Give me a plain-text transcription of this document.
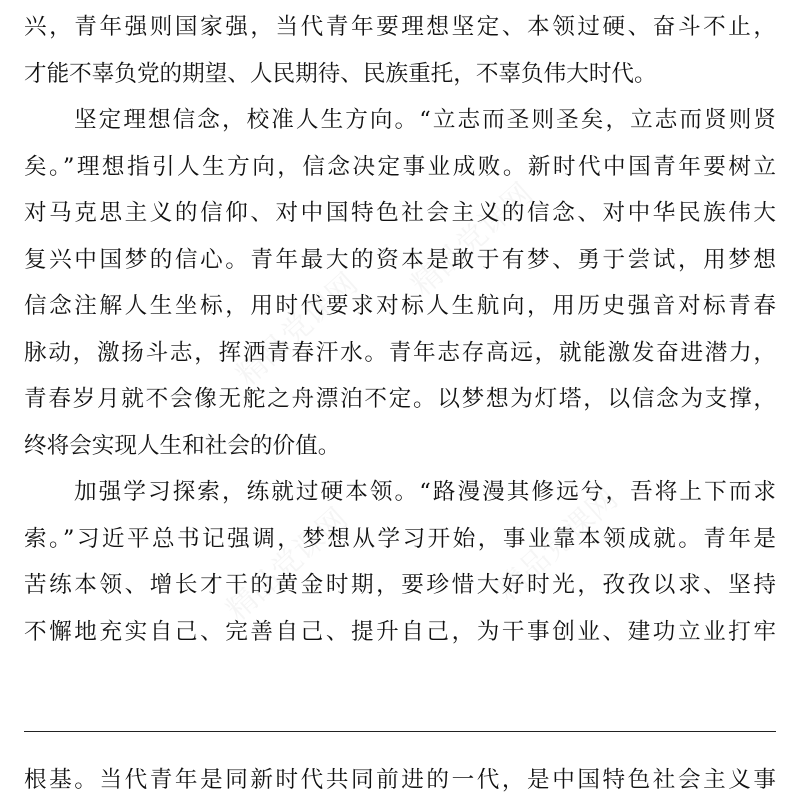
精品党课网
精品党课网
精品党课网
精品党课网
兴，青年强则国家强，当代青年要理想坚定、本领过硬、奋斗不止，
才能不辜负党的期望、人民期待、民族重托，不辜负伟大时代。
坚定理想信念，校准人生方向。“立志而圣则圣矣，立志而贤则贤
矣。”理想指引人生方向，信念决定事业成败。新时代中国青年要树立
对马克思主义的信仰、对中国特色社会主义的信念、对中华民族伟大
复兴中国梦的信心。青年最大的资本是敢于有梦、勇于尝试，用梦想
信念注解人生坐标，用时代要求对标人生航向，用历史强音对标青春
脉动，激扬斗志，挥洒青春汗水。青年志存高远，就能激发奋进潜力，
青春岁月就不会像无舵之舟漂泊不定。以梦想为灯塔，以信念为支撑，
终将会实现人生和社会的价值。
加强学习探索，练就过硬本领。“路漫漫其修远兮，吾将上下而求
索。”习近平总书记强调，梦想从学习开始，事业靠本领成就。青年是
苦练本领、增长才干的黄金时期，要珍惜大好时光，孜孜以求、坚持
不懈地充实自己、完善自己、提升自己，为干事创业、建功立业打牢
根基。当代青年是同新时代共同前进的一代，是中国特色社会主义事
